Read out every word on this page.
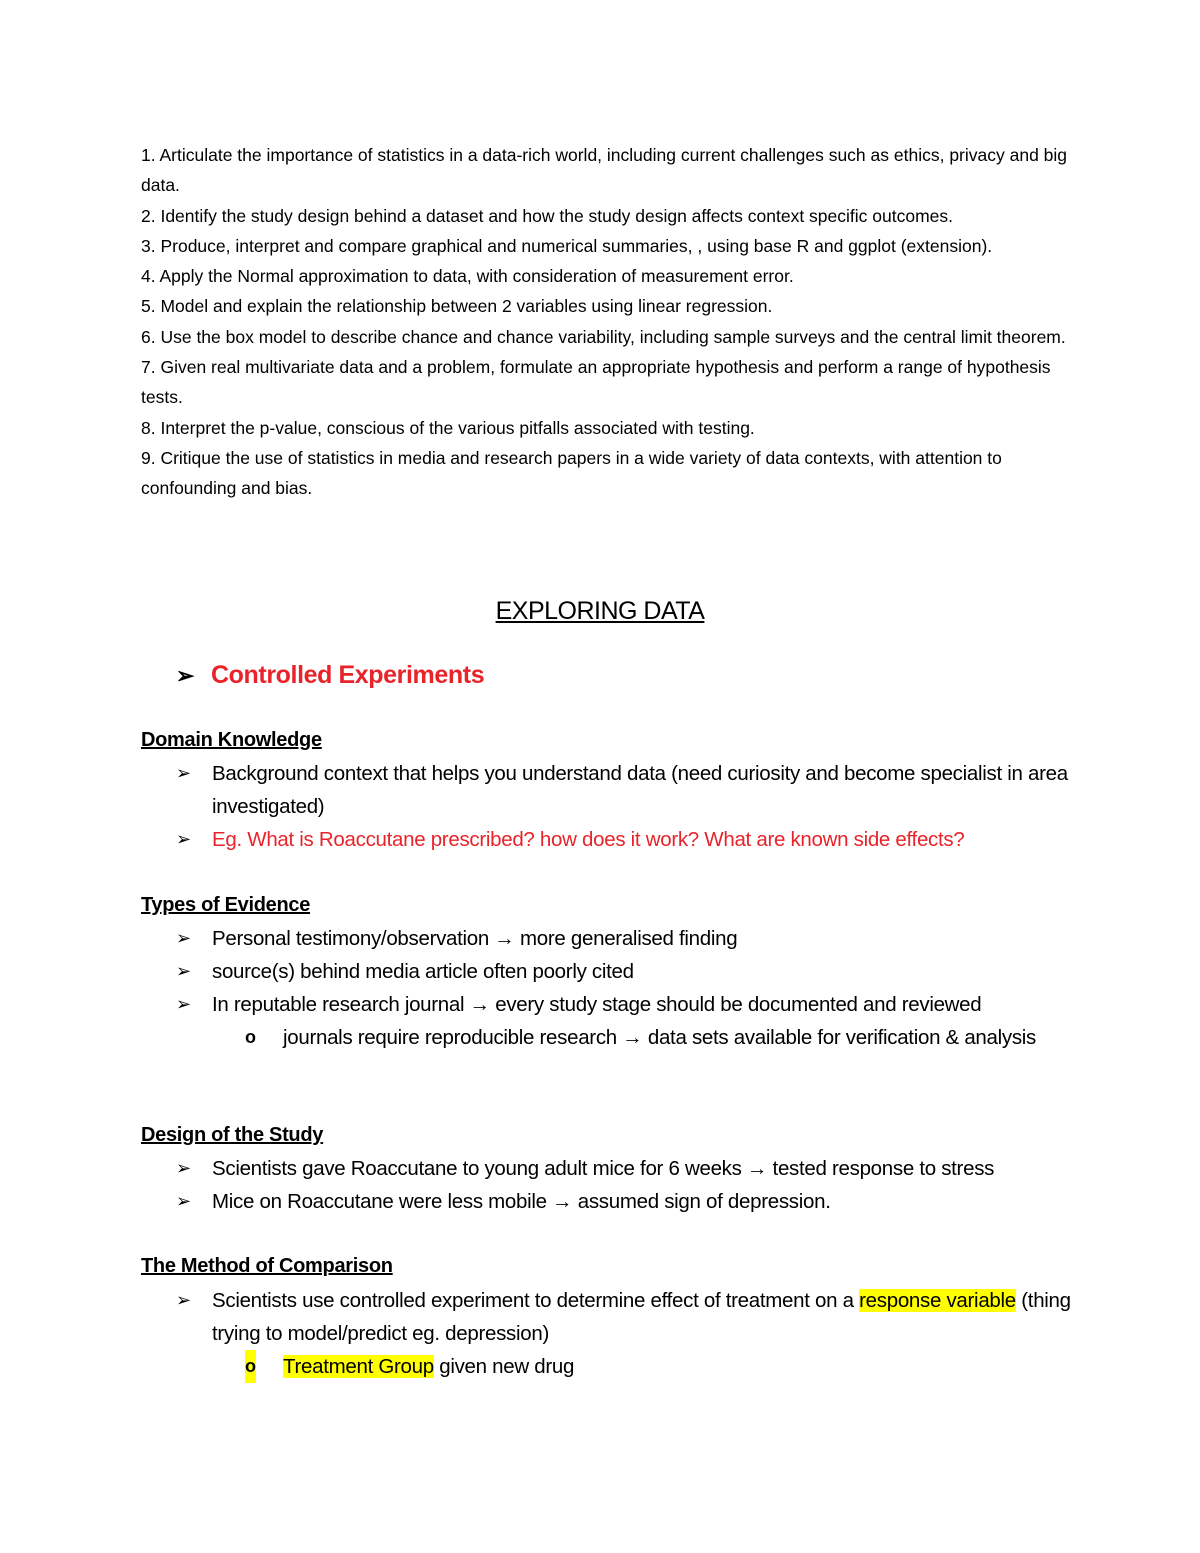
1. Articulate the importance of statistics in a data-rich world, including current challenges such as ethics, privacy and big data.

2. Identify the study design behind a dataset and how the study design affects context specific outcomes.

3. Produce, interpret and compare graphical and numerical summaries, , using base R and ggplot (extension).

4. Apply the Normal approximation to data, with consideration of measurement error.

5. Model and explain the relationship between 2 variables using linear regression.

6. Use the box model to describe chance and chance variability, including sample surveys and the central limit theorem.

7. Given real multivariate data and a problem, formulate an appropriate hypothesis and perform a range of hypothesis tests.

8. Interpret the p-value, conscious of the various pitfalls associated with testing.

9. Critique the use of statistics in media and research papers in a wide variety of data contexts, with attention to confounding and bias.

EXPLORING DATA
➢ Controlled Experiments
Domain Knowledge
➢	Background context that helps you understand data (need curiosity and become specialist in area investigated)
➢	Eg. What is Roaccutane prescribed? how does it work? What are known side effects?
Types of Evidence
➢	Personal testimony/observation → more generalised finding
➢	source(s) behind media article often poorly cited
➢	In reputable research journal → every study stage should be documented and reviewed
o journals require reproducible research → data sets available for verification & analysis
Design of the Study
➢	Scientists gave Roaccutane to young adult mice for 6 weeks → tested response to stress
➢	Mice on Roaccutane were less mobile → assumed sign of depression.
The Method of Comparison
➢	Scientists use controlled experiment to determine effect of treatment on a response variable (thing trying to model/predict eg. depression)
o Treatment Group given new drug
